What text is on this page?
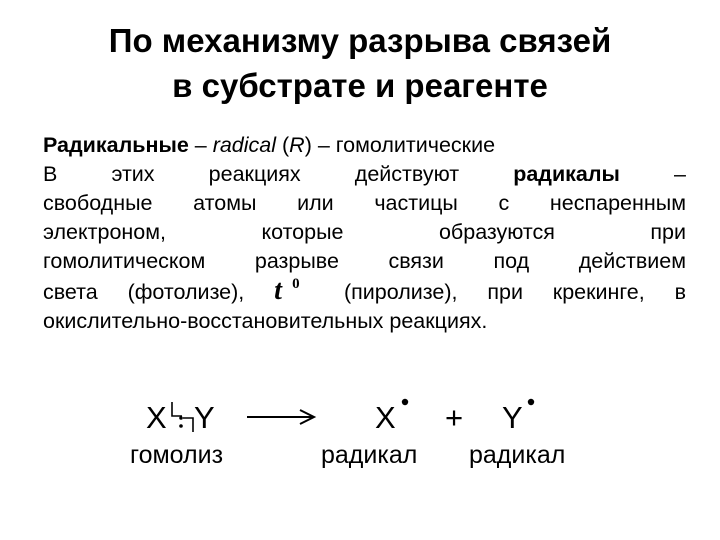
По механизму разрыва связей
в субстрате и реагенте
Радикальные – radical (R) – гомолитические

В этих реакциях действуют радикалы –

свободные атомы или частицы с неспаренным

электроном, которые образуются при

гомолитическом разрыве связи под действием

света (фотолизе), t 0 (пиролизе), при крекинге, в

окислительно-восстановительных реакциях.

X Y	X + Y
гомолиз	радикал радикал
